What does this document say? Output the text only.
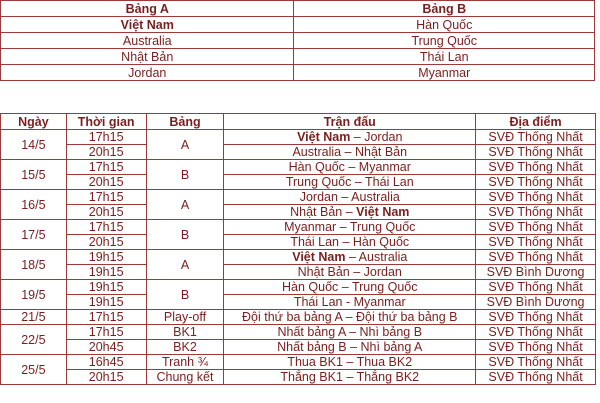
Bảng A	Bảng B
Việt Nam	Hàn Quốc
Australia	Trung Quốc
Nhật Bản	Thái Lan
Jordan	Myanmar
Ngày	Thời gian	Bảng	Trận đấu	Địa điểm
14/5	17h15	A	Việt Nam – Jordan	SVĐ Thống Nhất
	20h15		Australia – Nhật Bản	SVĐ Thống Nhất
15/5	17h15	B	Hàn Quốc – Myanmar	SVĐ Thống Nhất
	20h15		Trung Quốc – Thái Lan	SVĐ Thống Nhất
16/5	17h15	A	Jordan – Australia	SVĐ Thống Nhất
	20h15		Nhật Bản – Việt Nam	SVĐ Thống Nhất
17/5	17h15	B	Myanmar – Trung Quốc	SVĐ Thống Nhất
	20h15		Thái Lan – Hàn Quốc	SVĐ Thống Nhất
18/5	19h15	A	Việt Nam – Australia	SVĐ Thống Nhất
	19h15		Nhật Bản – Jordan	SVĐ Bình Dương
19/5	19h15	B	Hàn Quốc – Trung Quốc	SVĐ Thống Nhất
	19h15		Thái Lan - Myanmar	SVĐ Bình Dương
21/5	17h15	Play-off	Đội thứ ba bảng A – Đội thứ ba bảng B	SVĐ Thống Nhất
22/5	17h15	BK1	Nhất bảng A – Nhì bảng B	SVĐ Thống Nhất
	20h45	BK2	Nhất bảng B – Nhì bảng A	SVĐ Thống Nhất
25/5	16h45	Tranh ¾	Thua BK1 – Thua BK2	SVĐ Thống Nhất
	20h15	Chung kết	Thắng BK1 – Thắng BK2	SVĐ Thống Nhất
